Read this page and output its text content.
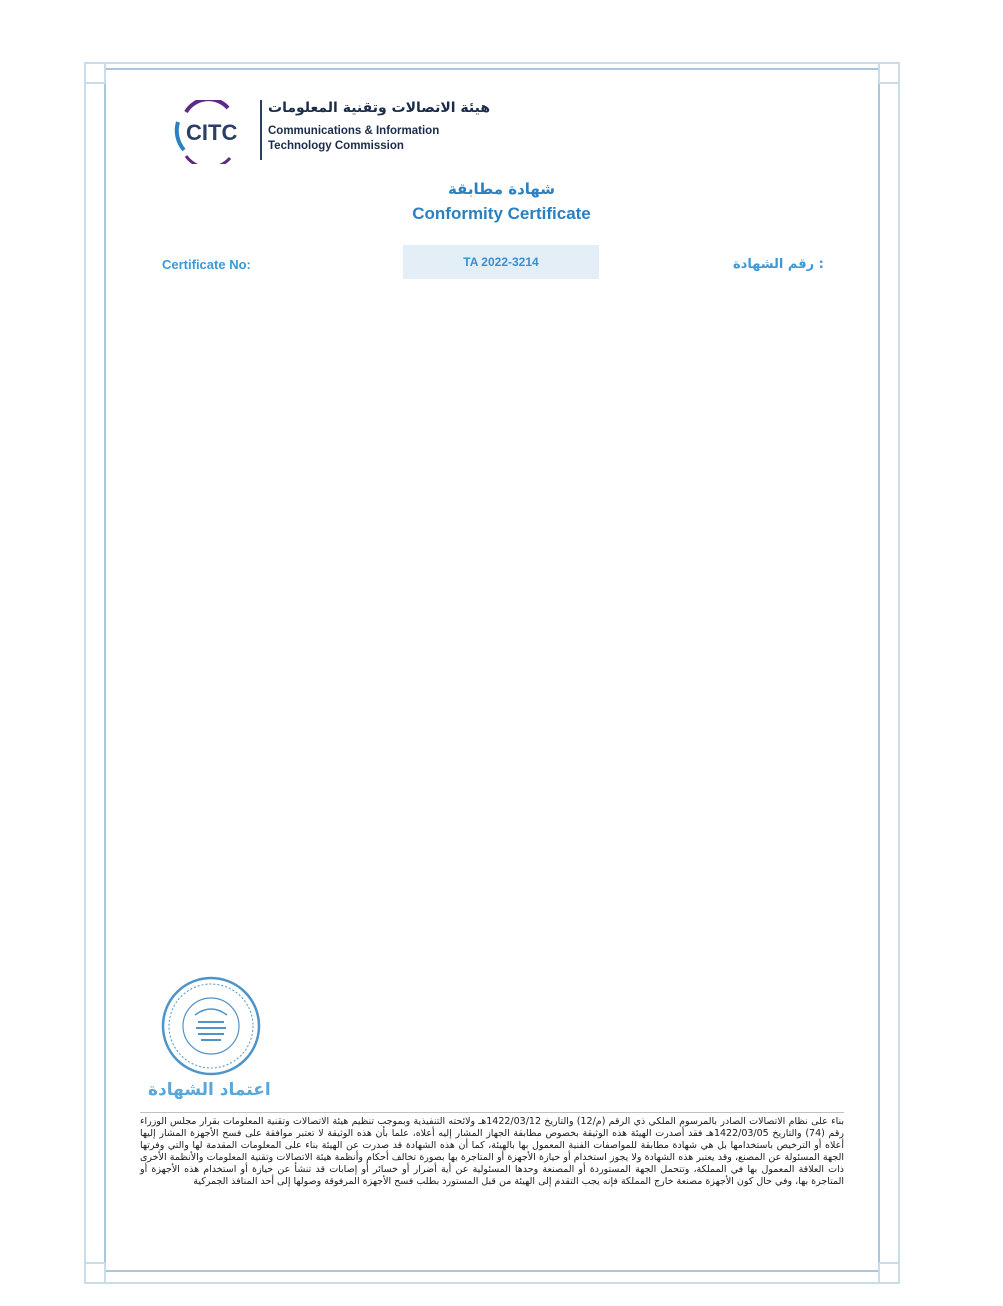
CITC
هيئة الاتصالات وتقنية المعلومات
Communications & Information
Technology Commission
شهادة مطابقة
Conformity Certificate
Certificate No:	TA 2022-3214	رقم الشهادة :
اعتماد الشهادة
بناء على نظام الاتصالات الصادر بالمرسوم الملكي ذي الرقم (م/12) والتاريخ 1422/03/12هـ ولائحته التنفيذية وبموجب تنظيم هيئة الاتصالات وتقنية المعلومات بقرار مجلس الوزراء رقم (74) والتاريخ 1422/03/05هـ فقد أصدرت الهيئة هذه الوثيقة بخصوص مطابقة الجهاز المشار إليه أعلاه، علما بأن هذه الوثيقة لا تعتبر موافقة على فسح الأجهزة المشار إليها أعلاه أو الترخيص باستخدامها بل هي شهادة مطابقة للمواصفات الفنية المعمول بها بالهيئة، كما أن هذه الشهادة قد صدرت عن الهيئة بناء على المعلومات المقدمة لها والتي وفرتها الجهة المسئولة عن المصنع، وقد يعتبر هذه الشهادة ولا يجوز استخدام أو حيازة الأجهزة أو المتاجرة بها بصورة تخالف أحكام وأنظمة هيئة الاتصالات وتقنية المعلومات والأنظمة الأخرى ذات العلاقة المعمول بها في المملكة، وتتحمل الجهة المستوردة أو المصنعة وحدها المسئولية عن أية أضرار أو خسائر أو إصابات قد تنشأ عن حيازة أو استخدام هذه الأجهزة أو المتاجرة بها، وفي حال كون الأجهزة مصنعة خارج المملكة فإنه يجب التقدم إلى الهيئة من قبل المستورد بطلب فسح الأجهزة المرفوقة وصولها إلى أحد المنافذ الجمركية
